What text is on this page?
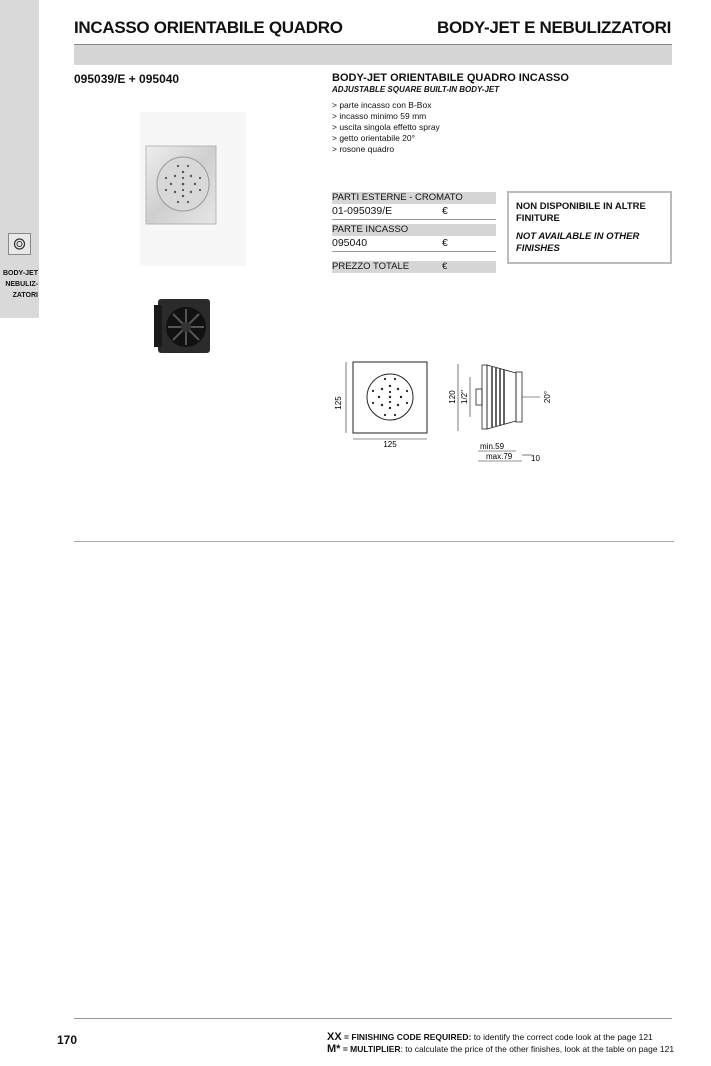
BODY-JET
NEBULIZ-
ZATORI
INCASSO ORIENTABILE QUADRO	BODY-JET E NEBULIZZATORI
095039/E + 095040	BODY-JET ORIENTABILE QUADRO INCASSO
ADJUSTABLE SQUARE BUILT-IN BODY-JET
> parte incasso con B-Box
> incasso minimo 59 mm
> uscita singola effetto spray
> getto orientabile 20°
> rosone quadro
PARTI ESTERNE - CROMATO
01-095039/E	€
PARTE INCASSO
095040	€
PREZZO TOTALE	€
NON DISPONIBILE IN ALTRE FINITURE
NOT AVAILABLE IN OTHER FINISHES
125
125
120 1/2"	20°
min.59
max.79 10
170	XX = FINISHING CODE REQUIRED: to identify the correct code look at the page 121
M* = MULTIPLIER: to calculate the price of the other finishes, look at the table on page 121
